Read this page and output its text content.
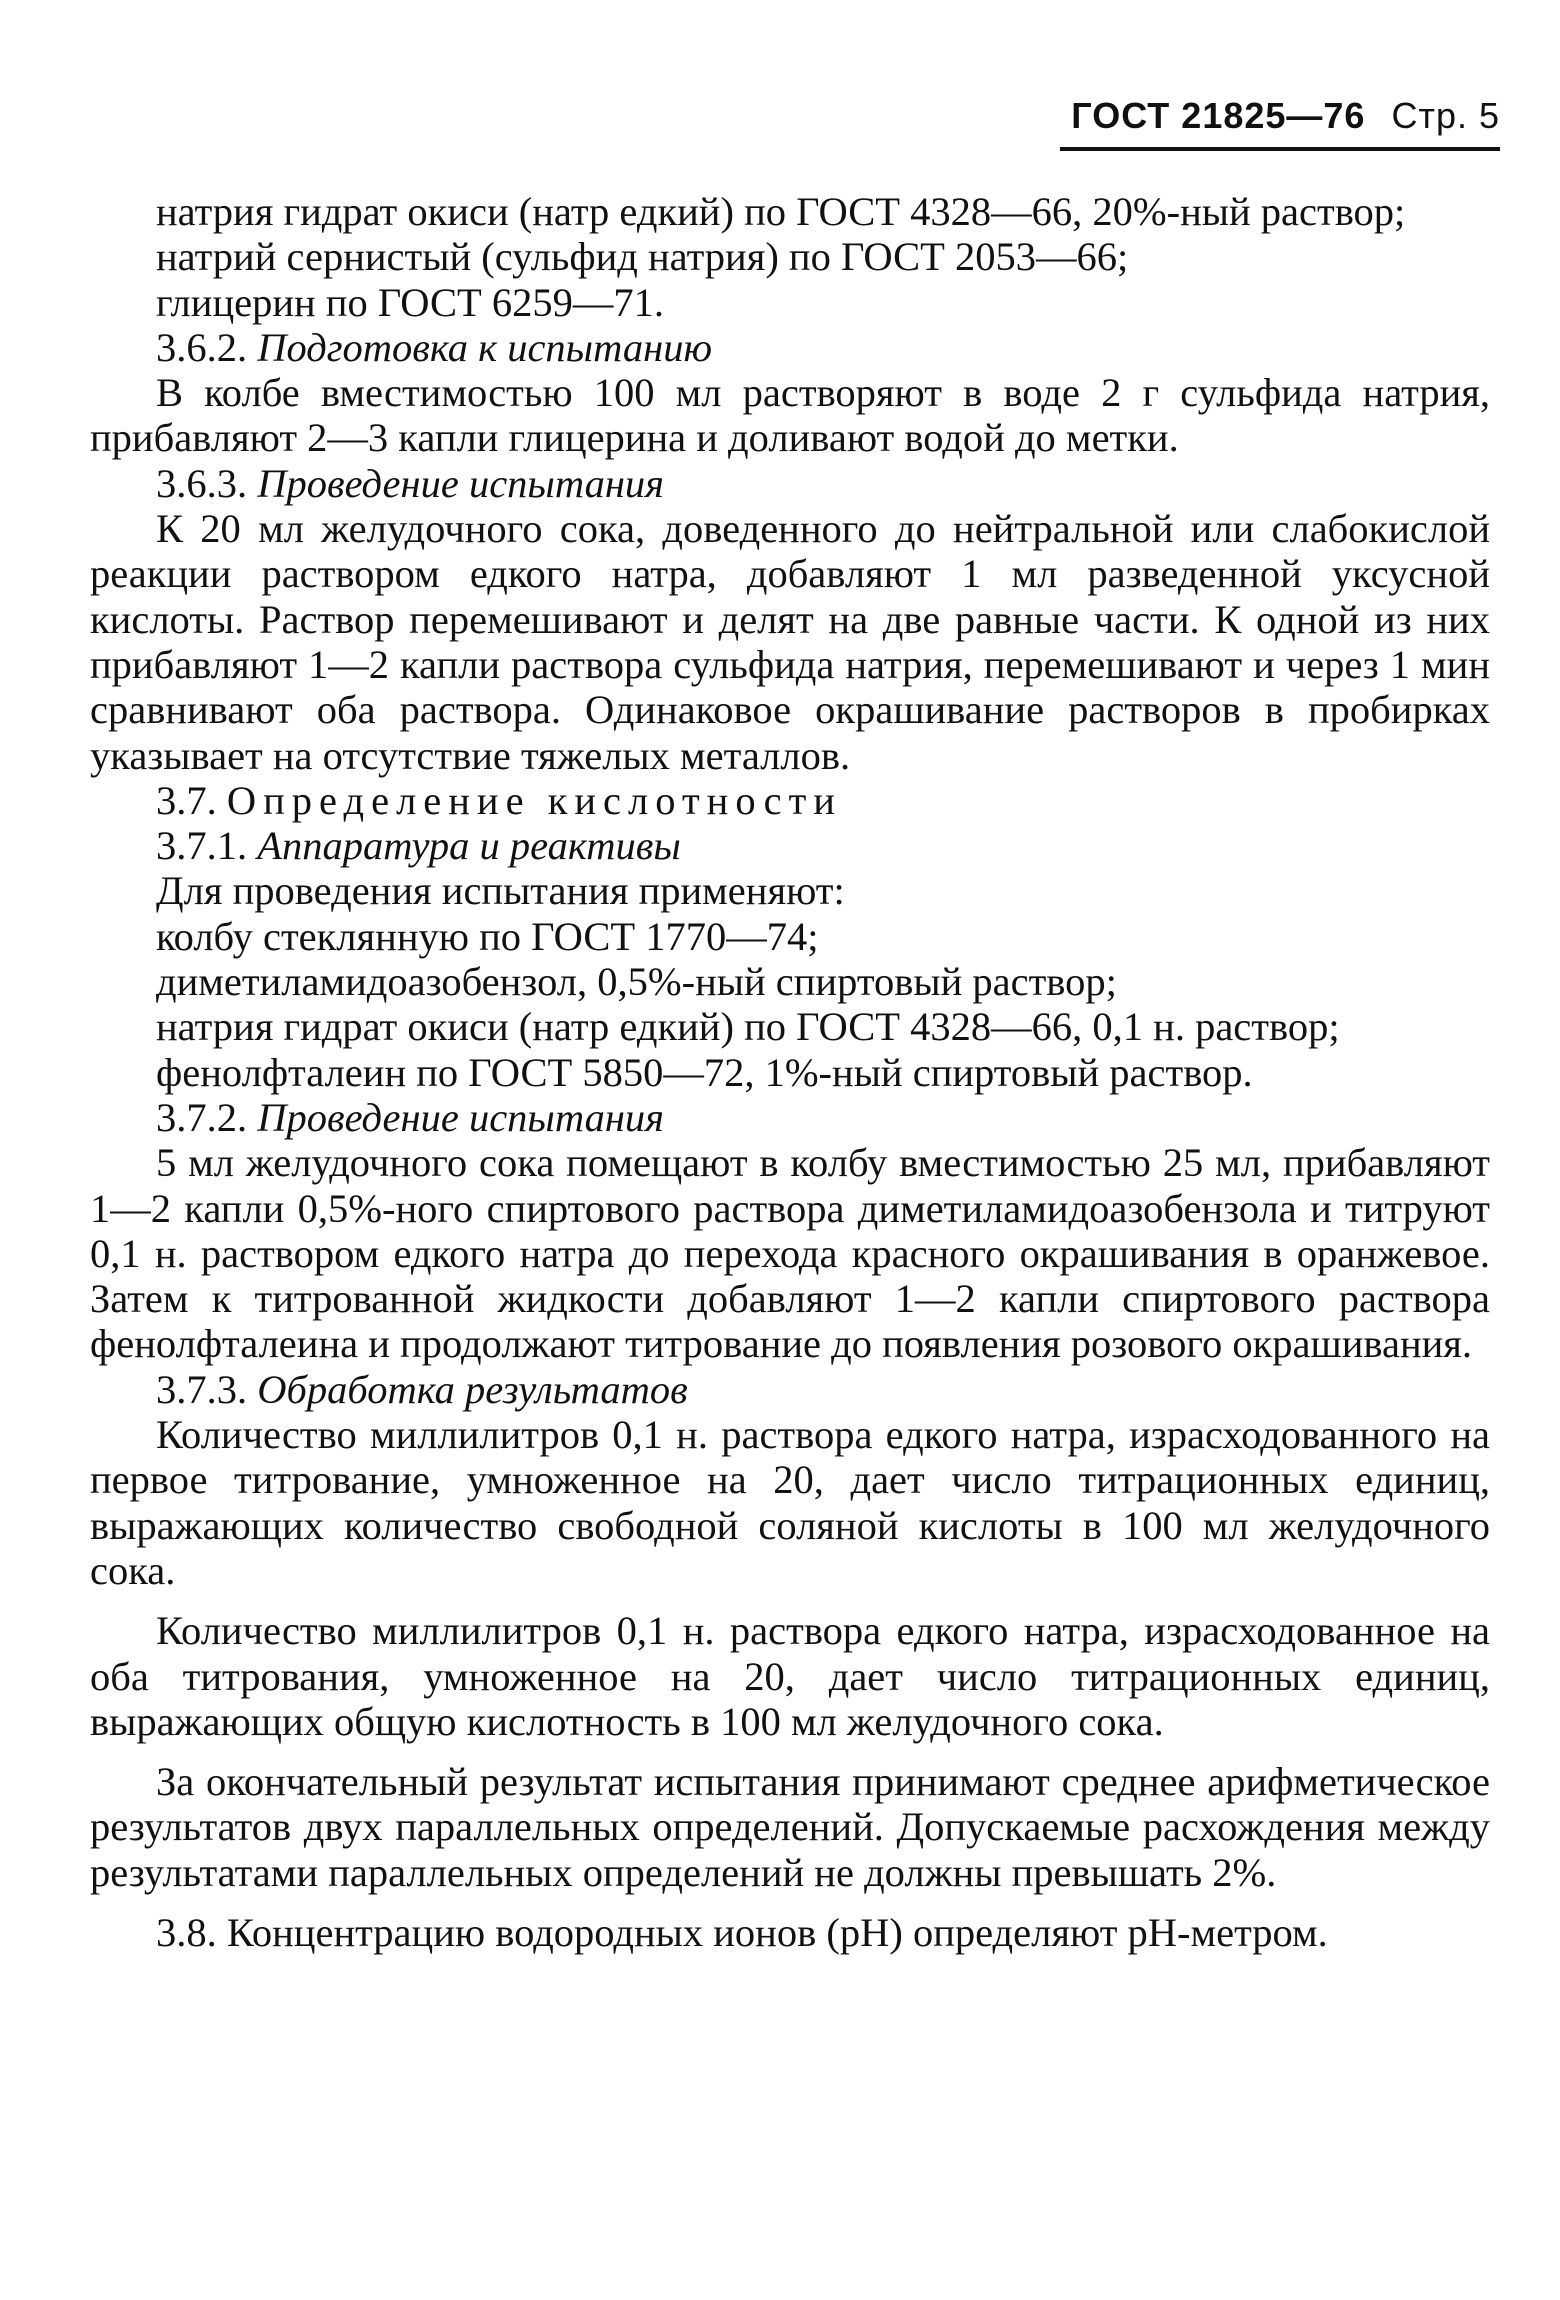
ГОСТ 21825—76 Стр. 5

натрия гидрат окиси (натр едкий) по ГОСТ 4328—66, 20%-ный раствор;

натрий сернистый (сульфид натрия) по ГОСТ 2053—66;

глицерин по ГОСТ 6259—71.

3.6.2. Подготовка к испытанию

В колбе вместимостью 100 мл растворяют в воде 2 г сульфида натрия, прибавляют 2—3 капли глицерина и доливают водой до метки.

3.6.3. Проведение испытания

К 20 мл желудочного сока, доведенного до нейтральной или слабокислой реакции раствором едкого натра, добавляют 1 мл разведенной уксусной кислоты. Раствор перемешивают и делят на две равные части. К одной из них прибавляют 1—2 капли раствора сульфида натрия, перемешивают и через 1 мин сравнивают оба раствора. Одинаковое окрашивание растворов в пробирках указывает на отсутствие тяжелых металлов.

3.7. Определение кислотности

3.7.1. Аппаратура и реактивы

Для проведения испытания применяют:

колбу стеклянную по ГОСТ 1770—74;

диметиламидоазобензол, 0,5%-ный спиртовый раствор;

натрия гидрат окиси (натр едкий) по ГОСТ 4328—66, 0,1 н. раствор;

фенолфталеин по ГОСТ 5850—72, 1%-ный спиртовый раствор.

3.7.2. Проведение испытания

5 мл желудочного сока помещают в колбу вместимостью 25 мл, прибавляют 1—2 капли 0,5%-ного спиртового раствора диметиламидоазобензола и титруют 0,1 н. раствором едкого натра до перехода красного окрашивания в оранжевое. Затем к титрованной жидкости добавляют 1—2 капли спиртового раствора фенолфталеина и продолжают титрование до появления розового окрашивания.

3.7.3. Обработка результатов

Количество миллилитров 0,1 н. раствора едкого натра, израсходованного на первое титрование, умноженное на 20, дает число титрационных единиц, выражающих количество свободной соляной кислоты в 100 мл желудочного сока.

Количество миллилитров 0,1 н. раствора едкого натра, израсходованное на оба титрования, умноженное на 20, дает число титрационных единиц, выражающих общую кислотность в 100 мл желудочного сока.

За окончательный результат испытания принимают среднее арифметическое результатов двух параллельных определений. Допускаемые расхождения между результатами параллельных определений не должны превышать 2%.

3.8. Концентрацию водородных ионов (pH) определяют pH-метром.
